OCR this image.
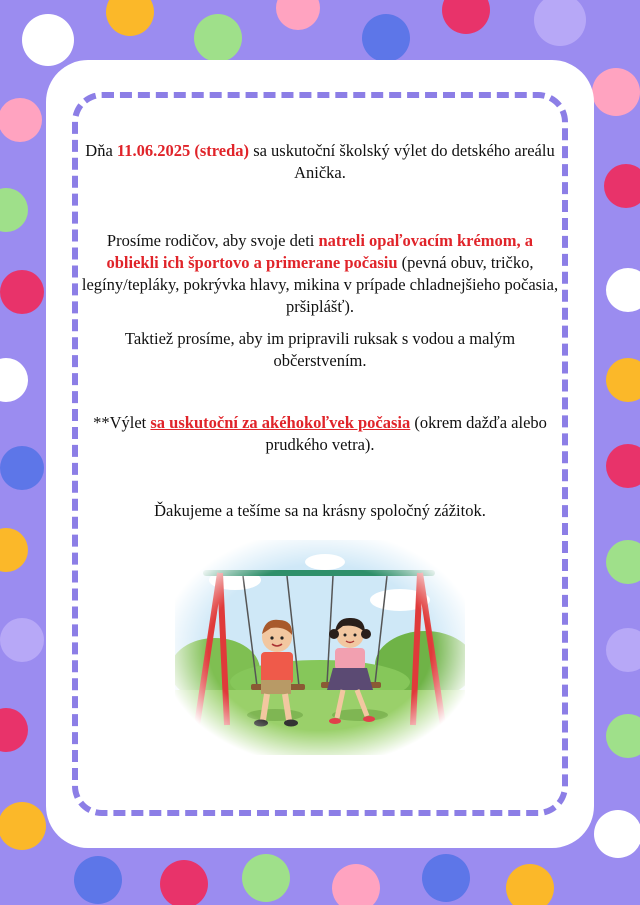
Dňa 11.06.2025 (streda) sa uskutoční školský výlet do detského areálu Anička.

Prosíme rodičov, aby svoje deti natreli opaľovacím krémom, a obliekli ich športovo a primerane počasiu (pevná obuv, tričko, legíny/tepláky, pokrývka hlavy, mikina v prípade chladnejšieho počasia, pršiplášť).

Taktiež prosíme, aby im pripravili ruksak s vodou a malým občerstvením.

**Výlet sa uskutoční za akéhokoľvek počasia (okrem dažďa alebo prudkého vetra).

Ďakujeme a tešíme sa na krásny spoločný zážitok.
